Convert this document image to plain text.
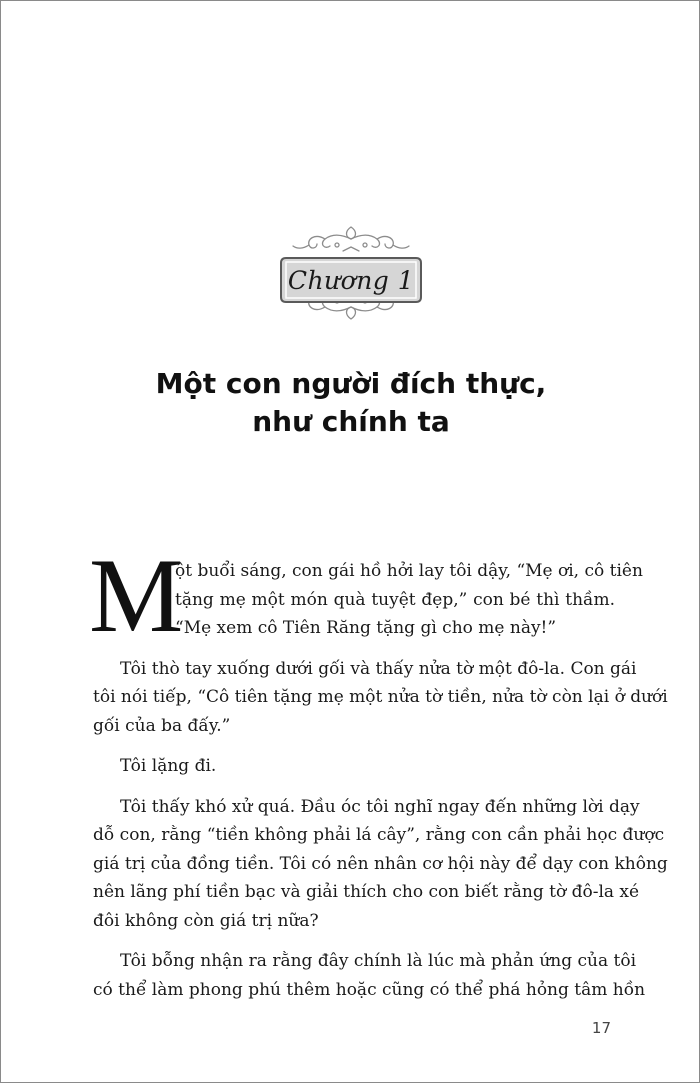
Chương 1
Một con người đích thực,
như chính ta
M
ột buổi sáng, con gái hồ hởi lay tôi dậy, “Mẹ ơi, cô tiên
tặng mẹ một món quà tuyệt đẹp,” con bé thì thầm.
“Mẹ xem cô Tiên Răng tặng gì cho mẹ này!”
Tôi thò tay xuống dưới gối và thấy nửa tờ một đô-la. Con gái
tôi nói tiếp, “Cô tiên tặng mẹ một nửa tờ tiền, nửa tờ còn lại ở dưới
gối của ba đấy.”
Tôi lặng đi.
Tôi thấy khó xử quá. Đầu óc tôi nghĩ ngay đến những lời dạy
dỗ con, rằng “tiền không phải lá cây”, rằng con cần phải học được
giá trị của đồng tiền. Tôi có nên nhân cơ hội này để dạy con không
nên lãng phí tiền bạc và giải thích cho con biết rằng tờ đô-la xé
đôi không còn giá trị nữa?
Tôi bỗng nhận ra rằng đây chính là lúc mà phản ứng của tôi
có thể làm phong phú thêm hoặc cũng có thể phá hỏng tâm hồn
17
